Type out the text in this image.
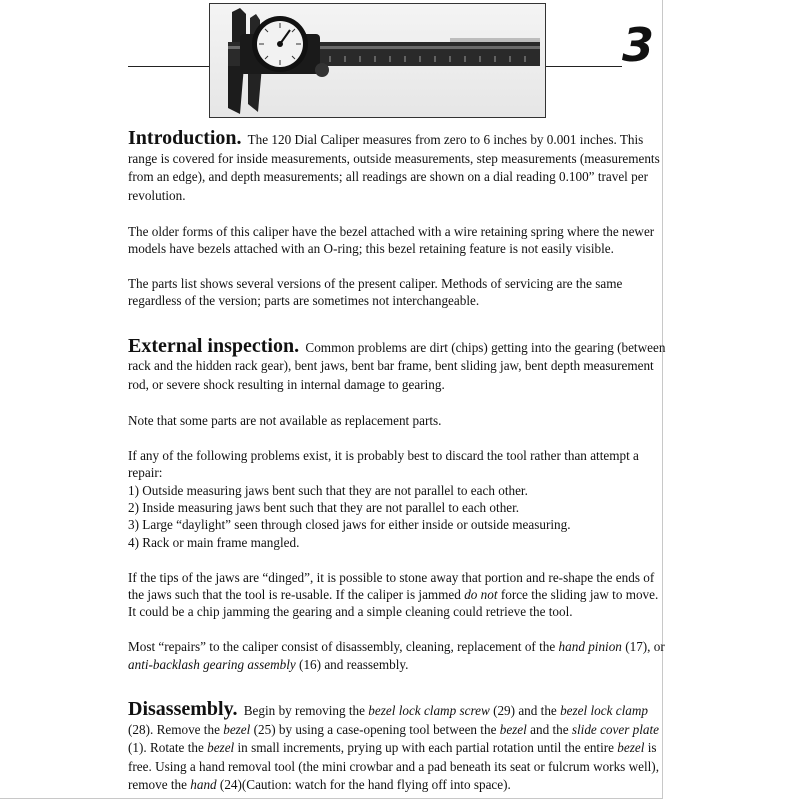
3

Introduction. The 120 Dial Caliper measures from zero to 6 inches by 0.001 inches. This range is covered for inside measurements, outside measurements, step measurements (measurements from an edge), and depth measurements; all readings are shown on a dial reading 0.100” travel per revolution.

The older forms of this caliper have the bezel attached with a wire retaining spring where the newer models have bezels attached with an O-ring; this bezel retaining feature is not easily visible.

The parts list shows several versions of the present caliper. Methods of servicing are the same regardless of the version; parts are sometimes not interchangeable.

External inspection. Common problems are dirt (chips) getting into the gearing (between rack and the hidden rack gear), bent jaws, bent bar frame, bent sliding jaw, bent depth measurement rod, or severe shock resulting in internal damage to gearing.

Note that some parts are not available as replacement parts.

If any of the following problems exist, it is probably best to discard the tool rather than attempt a repair:

1) Outside measuring jaws bent such that they are not parallel to each other.
2) Inside measuring jaws bent such that they are not parallel to each other.
3) Large “daylight” seen through closed jaws for either inside or outside measuring.
4) Rack or main frame mangled.

If the tips of the jaws are “dinged”, it is possible to stone away that portion and re-shape the ends of the jaws such that the tool is re-usable. If the caliper is jammed do not force the sliding jaw to move. It could be a chip jamming the gearing and a simple cleaning could retrieve the tool.

Most “repairs” to the caliper consist of disassembly, cleaning, replacement of the hand pinion (17), or anti-backlash gearing assembly (16) and reassembly.

Disassembly. Begin by removing the bezel lock clamp screw (29) and the bezel lock clamp (28). Remove the bezel (25) by using a case-opening tool between the bezel and the slide cover plate (1). Rotate the bezel in small increments, prying up with each partial rotation until the entire bezel is free. Using a hand removal tool (the mini crowbar and a pad beneath its seat or fulcrum works well), remove the hand (24)(Caution: watch for the hand flying off into space).
